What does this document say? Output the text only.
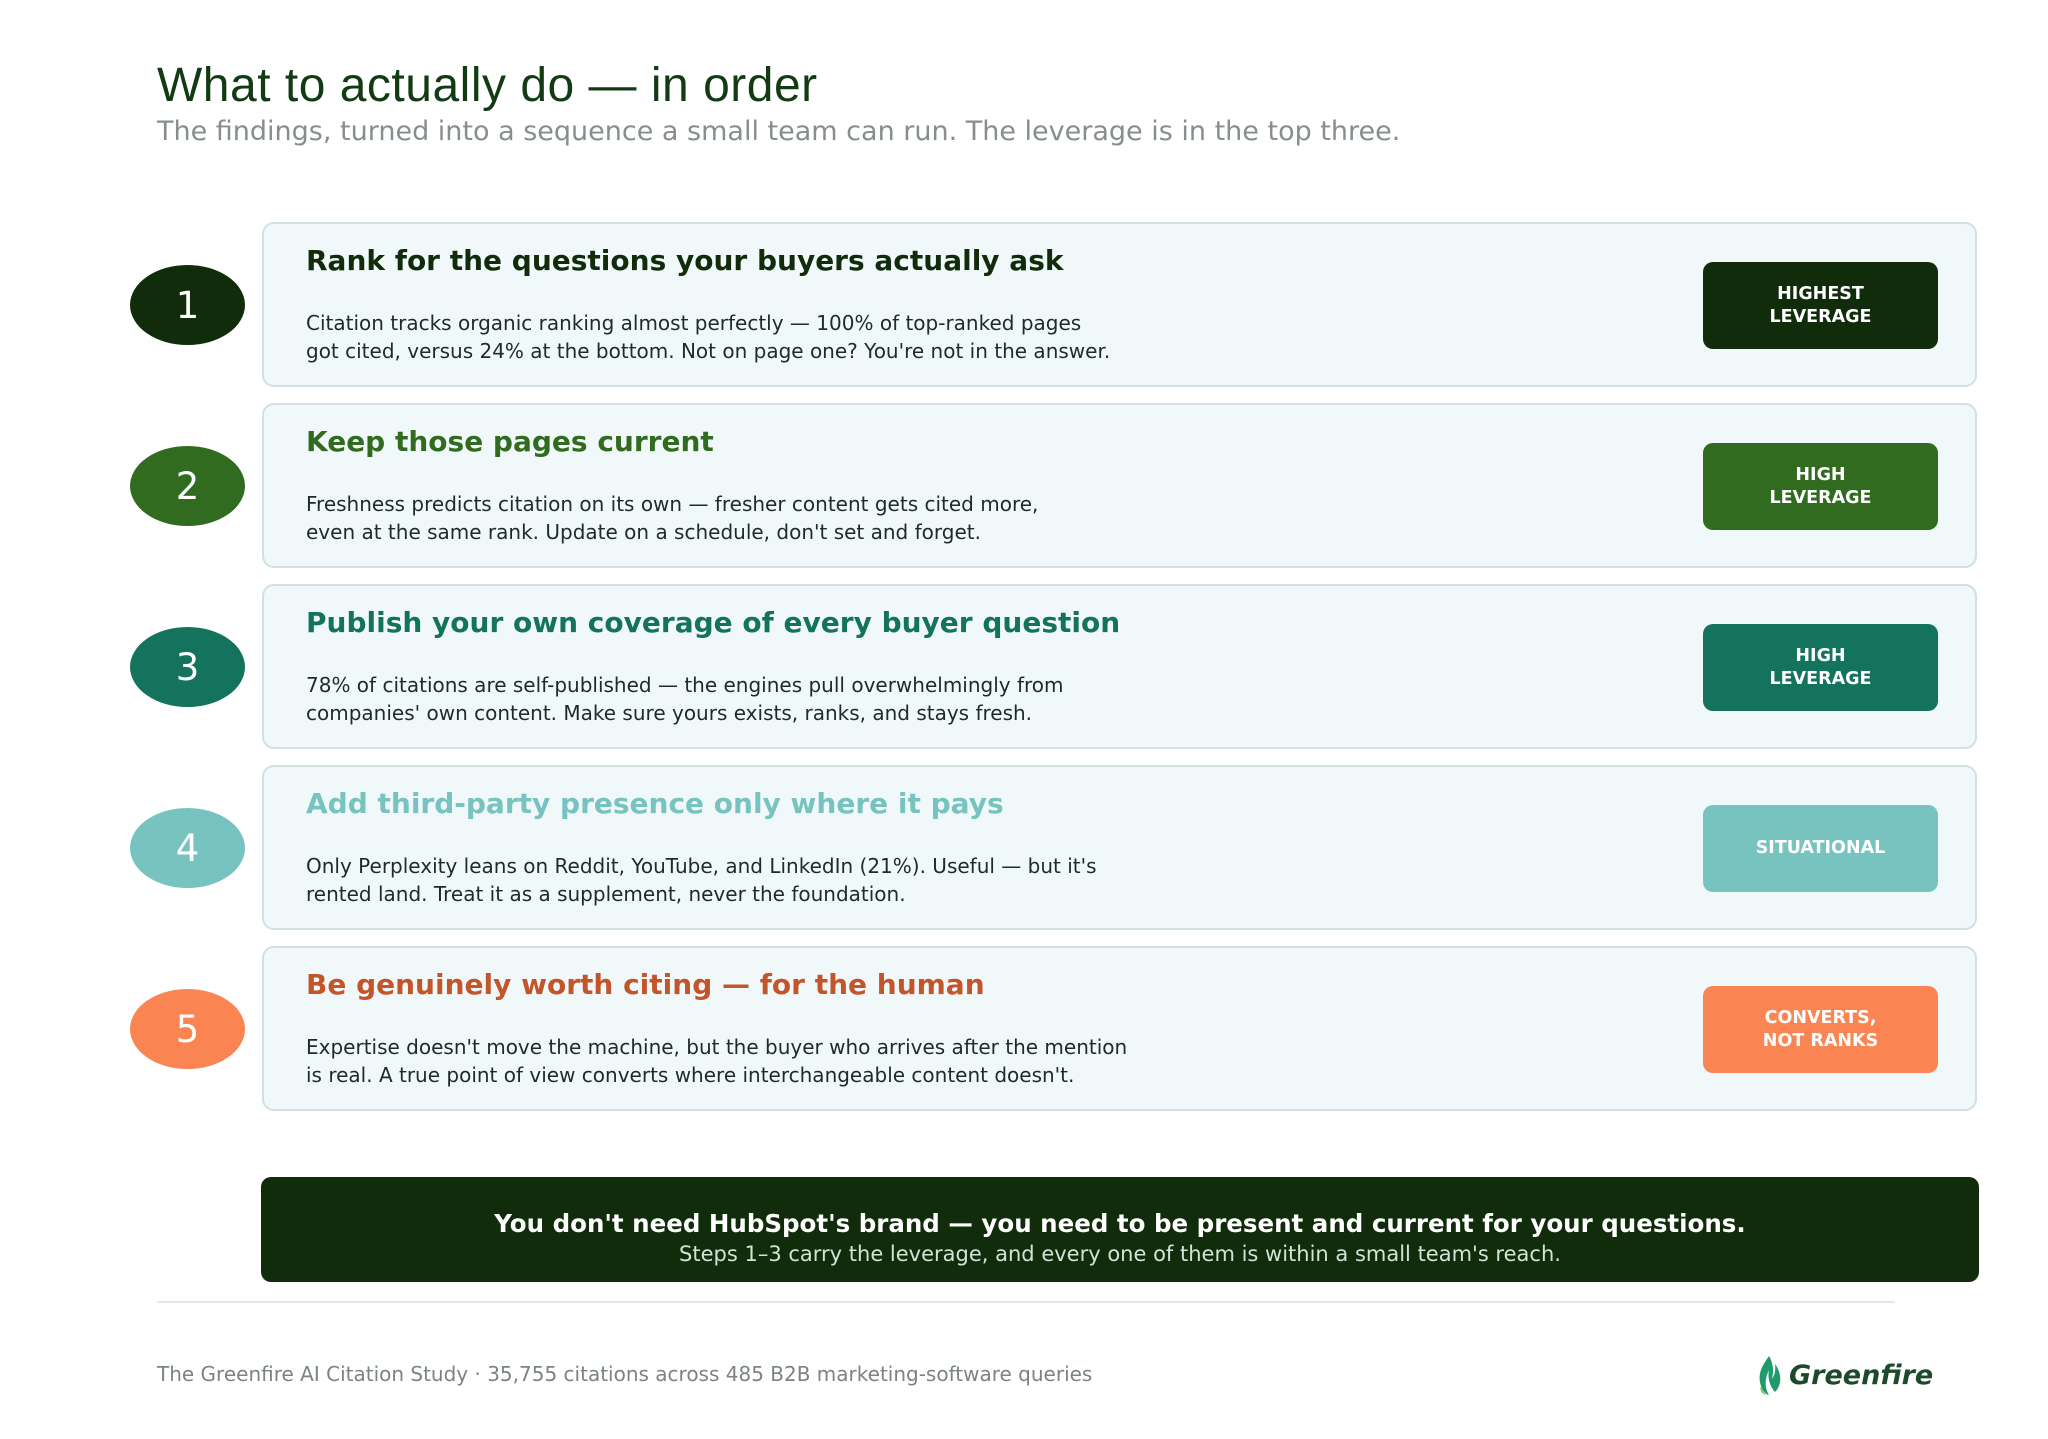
What to actually do — in order
The findings, turned into a sequence a small team can run. The leverage is in the top three.
1
Rank for the questions your buyers actually ask
Citation tracks organic ranking almost perfectly — 100% of top-ranked pages
got cited, versus 24% at the bottom. Not on page one? You're not in the answer.
HIGHEST
LEVERAGE
2
Keep those pages current
Freshness predicts citation on its own — fresher content gets cited more,
even at the same rank. Update on a schedule, don't set and forget.
HIGH
LEVERAGE
3
Publish your own coverage of every buyer question
78% of citations are self-published — the engines pull overwhelmingly from
companies' own content. Make sure yours exists, ranks, and stays fresh.
HIGH
LEVERAGE
4
Add third-party presence only where it pays
Only Perplexity leans on Reddit, YouTube, and LinkedIn (21%). Useful — but it's
rented land. Treat it as a supplement, never the foundation.
SITUATIONAL
5
Be genuinely worth citing — for the human
Expertise doesn't move the machine, but the buyer who arrives after the mention
is real. A true point of view converts where interchangeable content doesn't.
CONVERTS,
NOT RANKS
You don't need HubSpot's brand — you need to be present and current for your questions.
Steps 1–3 carry the leverage, and every one of them is within a small team's reach.
The Greenfire AI Citation Study · 35,755 citations across 485 B2B marketing-software queries	Greenfire
